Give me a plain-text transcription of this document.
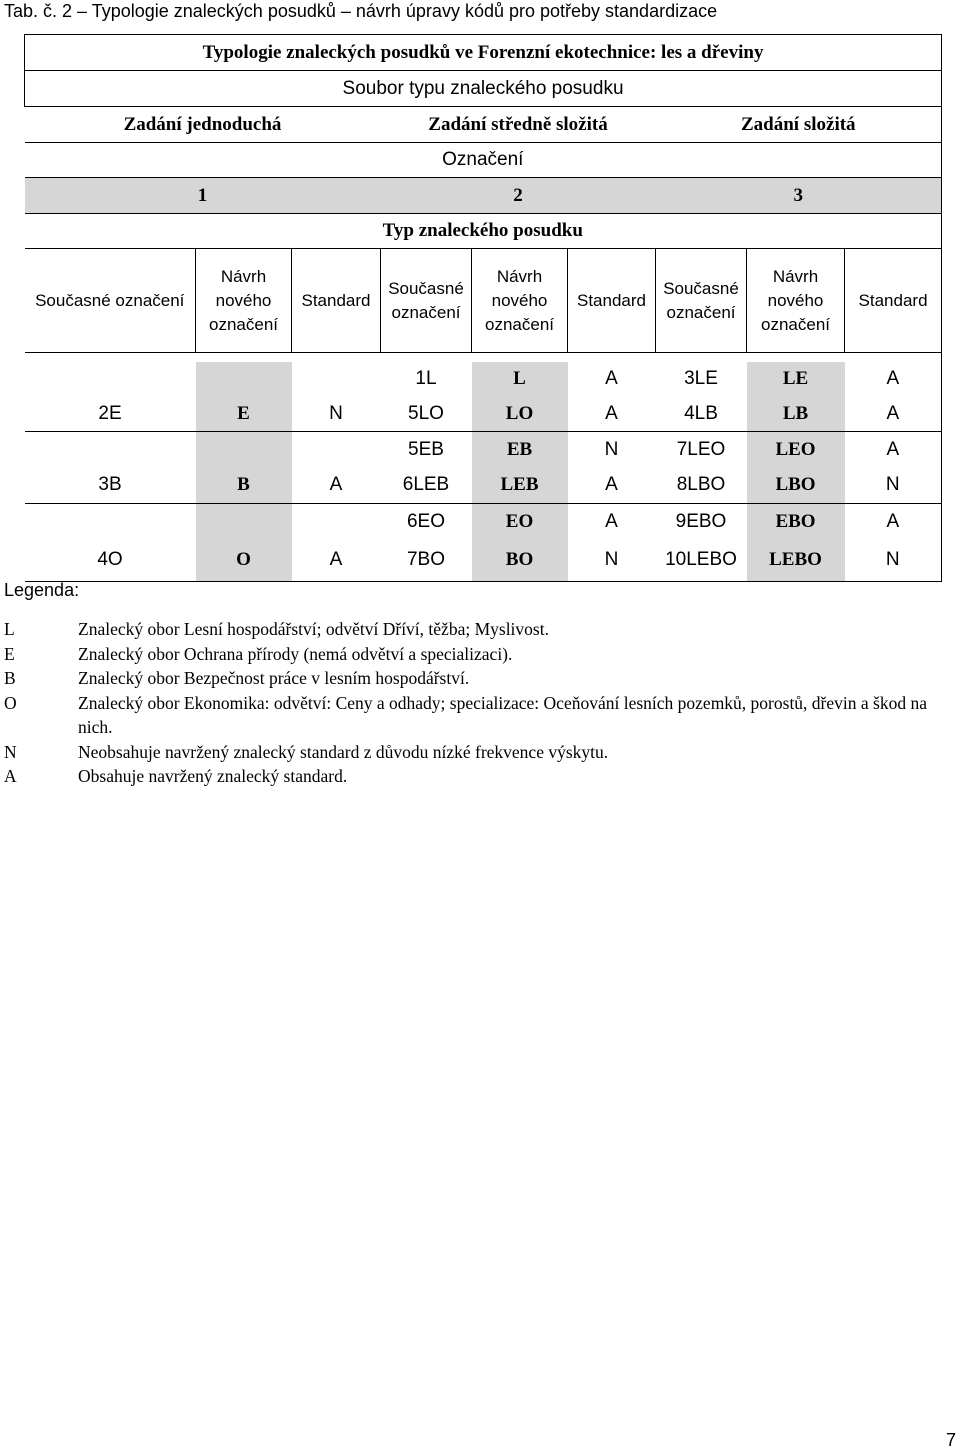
Tab. č. 2 – Typologie znaleckých posudků – návrh úpravy kódů pro potřeby standardizace
Typologie znaleckých posudků ve Forenzní ekotechnice: les a dřeviny								
Soubor typu znaleckého posudku								
Zadání jednoduchá			Zadání středně složitá			Zadání složitá		
Označení								
1			2			3		
Typ znaleckého posudku								
Současné označení	Návrh nového označení	Standard	Současné označení	Návrh nového označení	Standard	Současné označení	Návrh nového označení	Standard

			1L	L	A	3LE	LE	A
2E	E	N	5LO	LO	A	4LB	LB	A
			5EB	EB	N	7LEO	LEO	A
3B	B	A	6LEB	LEB	A	8LBO	LBO	N
			6EO	EO	A	9EBO	EBO	A
4O	O	A	7BO	BO	N	10LEBO	LEBO	N
Legenda:
L	Znalecký obor Lesní hospodářství; odvětví Dříví, těžba; Myslivost.
E	Znalecký obor Ochrana přírody (nemá odvětví a specializaci).
B	Znalecký obor Bezpečnost práce v lesním hospodářství.
O	Znalecký obor Ekonomika: odvětví: Ceny a odhady; specializace: Oceňování lesních pozemků, porostů, dřevin a škod na nich.
N	Neobsahuje navržený znalecký standard z důvodu nízké frekvence výskytu.
A	Obsahuje navržený znalecký standard.
7
